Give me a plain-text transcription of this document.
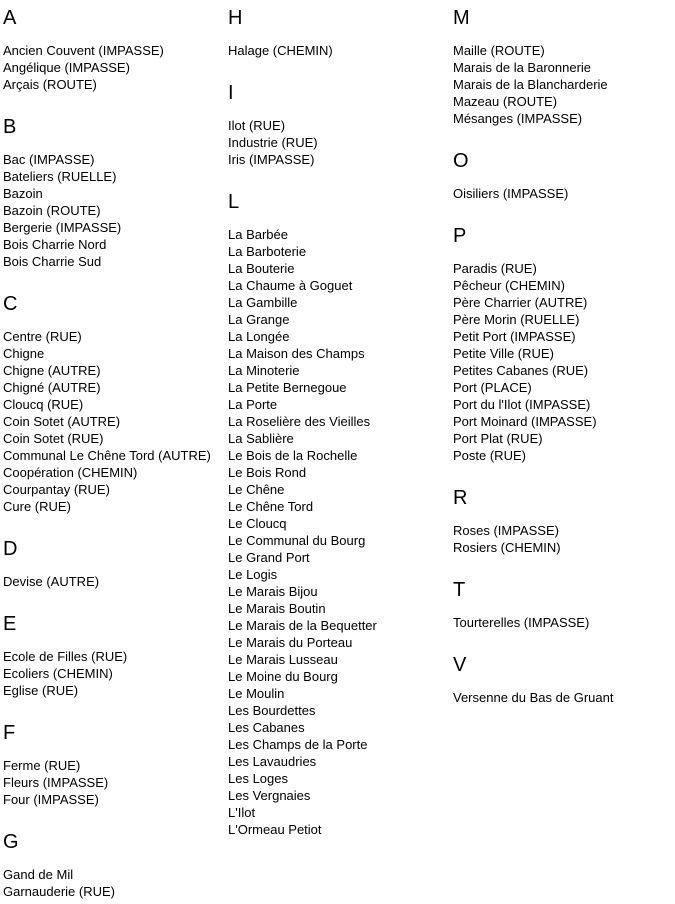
A
Ancien Couvent (IMPASSE)
Angélique (IMPASSE)
Arçais (ROUTE)
B
Bac (IMPASSE)
Bateliers (RUELLE)
Bazoin
Bazoin (ROUTE)
Bergerie (IMPASSE)
Bois Charrie Nord
Bois Charrie Sud
C
Centre (RUE)
Chigne
Chigne (AUTRE)
Chigné (AUTRE)
Cloucq (RUE)
Coin Sotet (AUTRE)
Coin Sotet (RUE)
Communal Le Chêne Tord (AUTRE)
Coopération (CHEMIN)
Courpantay (RUE)
Cure (RUE)
D
Devise (AUTRE)
E
Ecole de Filles (RUE)
Ecoliers (CHEMIN)
Eglise (RUE)
F
Ferme (RUE)
Fleurs (IMPASSE)
Four (IMPASSE)
G
Gand de Mil
Garnauderie (RUE)
H
Halage (CHEMIN)
I
Ilot (RUE)
Industrie (RUE)
Iris (IMPASSE)
L
La Barbée
La Barboterie
La Bouterie
La Chaume à Goguet
La Gambille
La Grange
La Longée
La Maison des Champs
La Minoterie
La Petite Bernegoue
La Porte
La Roselière des Vieilles
La Sablière
Le Bois de la Rochelle
Le Bois Rond
Le Chêne
Le Chêne Tord
Le Cloucq
Le Communal du Bourg
Le Grand Port
Le Logis
Le Marais Bijou
Le Marais Boutin
Le Marais de la Bequetter
Le Marais du Porteau
Le Marais Lusseau
Le Moine du Bourg
Le Moulin
Les Bourdettes
Les Cabanes
Les Champs de la Porte
Les Lavaudries
Les Loges
Les Vergnaies
L'Ilot
L'Ormeau Petiot
M
Maille (ROUTE)
Marais de la Baronnerie
Marais de la Blancharderie
Mazeau (ROUTE)
Mésanges (IMPASSE)
O
Oisiliers (IMPASSE)
P
Paradis (RUE)
Pêcheur (CHEMIN)
Père Charrier (AUTRE)
Père Morin (RUELLE)
Petit Port (IMPASSE)
Petite Ville (RUE)
Petites Cabanes (RUE)
Port (PLACE)
Port du l'Ilot (IMPASSE)
Port Moinard (IMPASSE)
Port Plat (RUE)
Poste (RUE)
R
Roses (IMPASSE)
Rosiers (CHEMIN)
T
Tourterelles (IMPASSE)
V
Versenne du Bas de Gruant
